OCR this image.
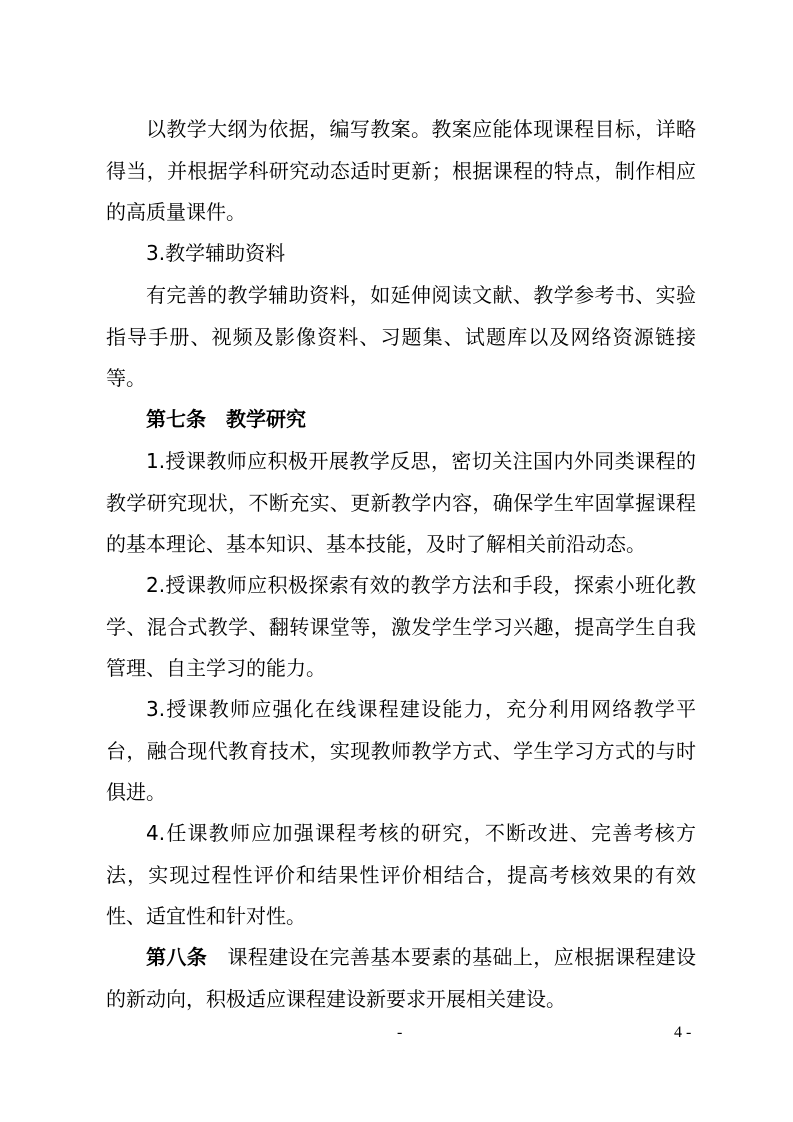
以教学大纲为依据，编写教案。教案应能体现课程目标，详略得当，并根据学科研究动态适时更新；根据课程的特点，制作相应的高质量课件。

3.教学辅助资料

有完善的教学辅助资料，如延伸阅读文献、教学参考书、实验指导手册、视频及影像资料、习题集、试题库以及网络资源链接等。

第七条 教学研究

1.授课教师应积极开展教学反思，密切关注国内外同类课程的教学研究现状，不断充实、更新教学内容，确保学生牢固掌握课程的基本理论、基本知识、基本技能，及时了解相关前沿动态。

2.授课教师应积极探索有效的教学方法和手段，探索小班化教学、混合式教学、翻转课堂等，激发学生学习兴趣，提高学生自我管理、自主学习的能力。

3.授课教师应强化在线课程建设能力，充分利用网络教学平台，融合现代教育技术，实现教师教学方式、学生学习方式的与时俱进。

4.任课教师应加强课程考核的研究，不断改进、完善考核方法，实现过程性评价和结果性评价相结合，提高考核效果的有效性、适宜性和针对性。

第八条 课程建设在完善基本要素的基础上，应根据课程建设的新动向，积极适应课程建设新要求开展相关建设。

-	4 -
